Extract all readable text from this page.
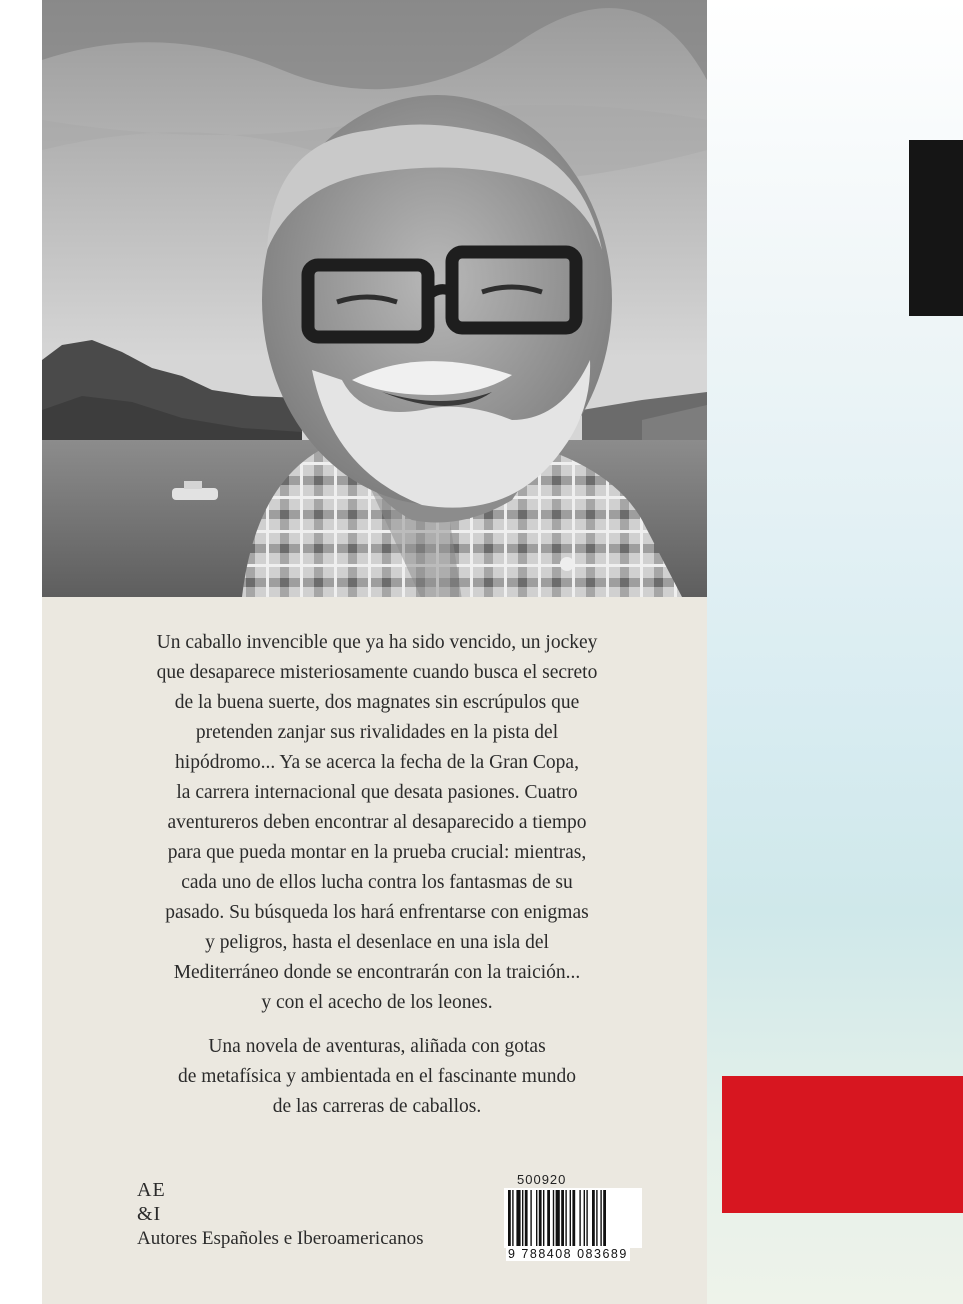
Un caballo invencible que ya ha sido vencido, un jockey
que desaparece misteriosamente cuando busca el secreto
de la buena suerte, dos magnates sin escrúpulos que
pretenden zanjar sus rivalidades en la pista del
hipódromo... Ya se acerca la fecha de la Gran Copa,
la carrera internacional que desata pasiones. Cuatro
aventureros deben encontrar al desaparecido a tiempo
para que pueda montar en la prueba crucial: mientras,
cada uno de ellos lucha contra los fantasmas de su
pasado. Su búsqueda los hará enfrentarse con enigmas
y peligros, hasta el desenlace en una isla del
Mediterráneo donde se encontrarán con la traición...
y con el acecho de los leones.

Una novela de aventuras, aliñada con gotas
de metafísica y ambientada en el fascinante mundo
de las carreras de caballos.

AE
&I
Autores Españoles e Iberoamericanos
500920
9 788408 083689
